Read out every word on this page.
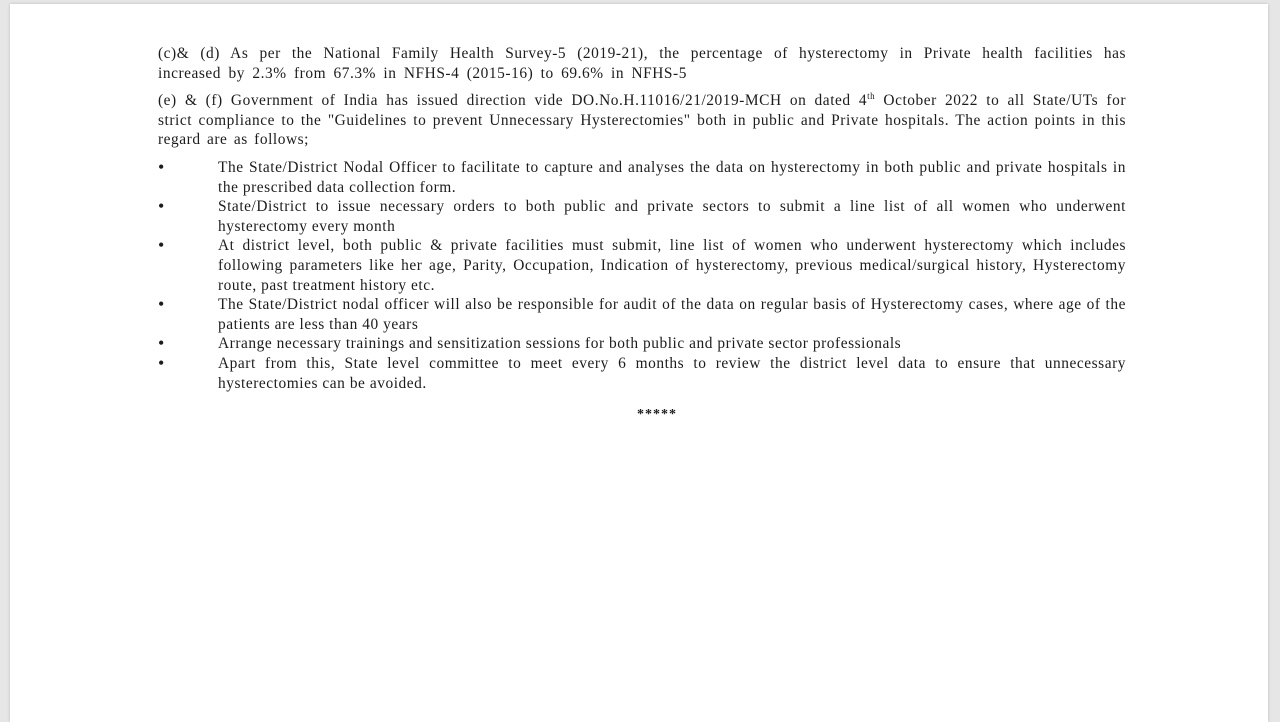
(c)& (d) As per the National Family Health Survey-5 (2019-21), the percentage of hysterectomy in Private health facilities has increased by 2.3% from 67.3% in NFHS-4 (2015-16) to 69.6% in NFHS-5

(e) & (f) Government of India has issued direction vide DO.No.H.11016/21/2019-MCH on dated 4th October 2022 to all State/UTs for strict compliance to the "Guidelines to prevent Unnecessary Hysterectomies" both in public and Private hospitals. The action points in this regard are as follows;

•	The State/District Nodal Officer to facilitate to capture and analyses the data on hysterectomy in both public and private hospitals in the prescribed data collection form.
•	State/District to issue necessary orders to both public and private sectors to submit a line list of all women who underwent hysterectomy every month
•	At district level, both public & private facilities must submit, line list of women who underwent hysterectomy which includes following parameters like her age, Parity, Occupation, Indication of hysterectomy, previous medical/surgical history, Hysterectomy route, past treatment history etc.
•	The State/District nodal officer will also be responsible for audit of the data on regular basis of Hysterectomy cases, where age of the patients are less than 40 years
•	Arrange necessary trainings and sensitization sessions for both public and private sector professionals
•	Apart from this, State level committee to meet every 6 months to review the district level data to ensure that unnecessary hysterectomies can be avoided.
*****
